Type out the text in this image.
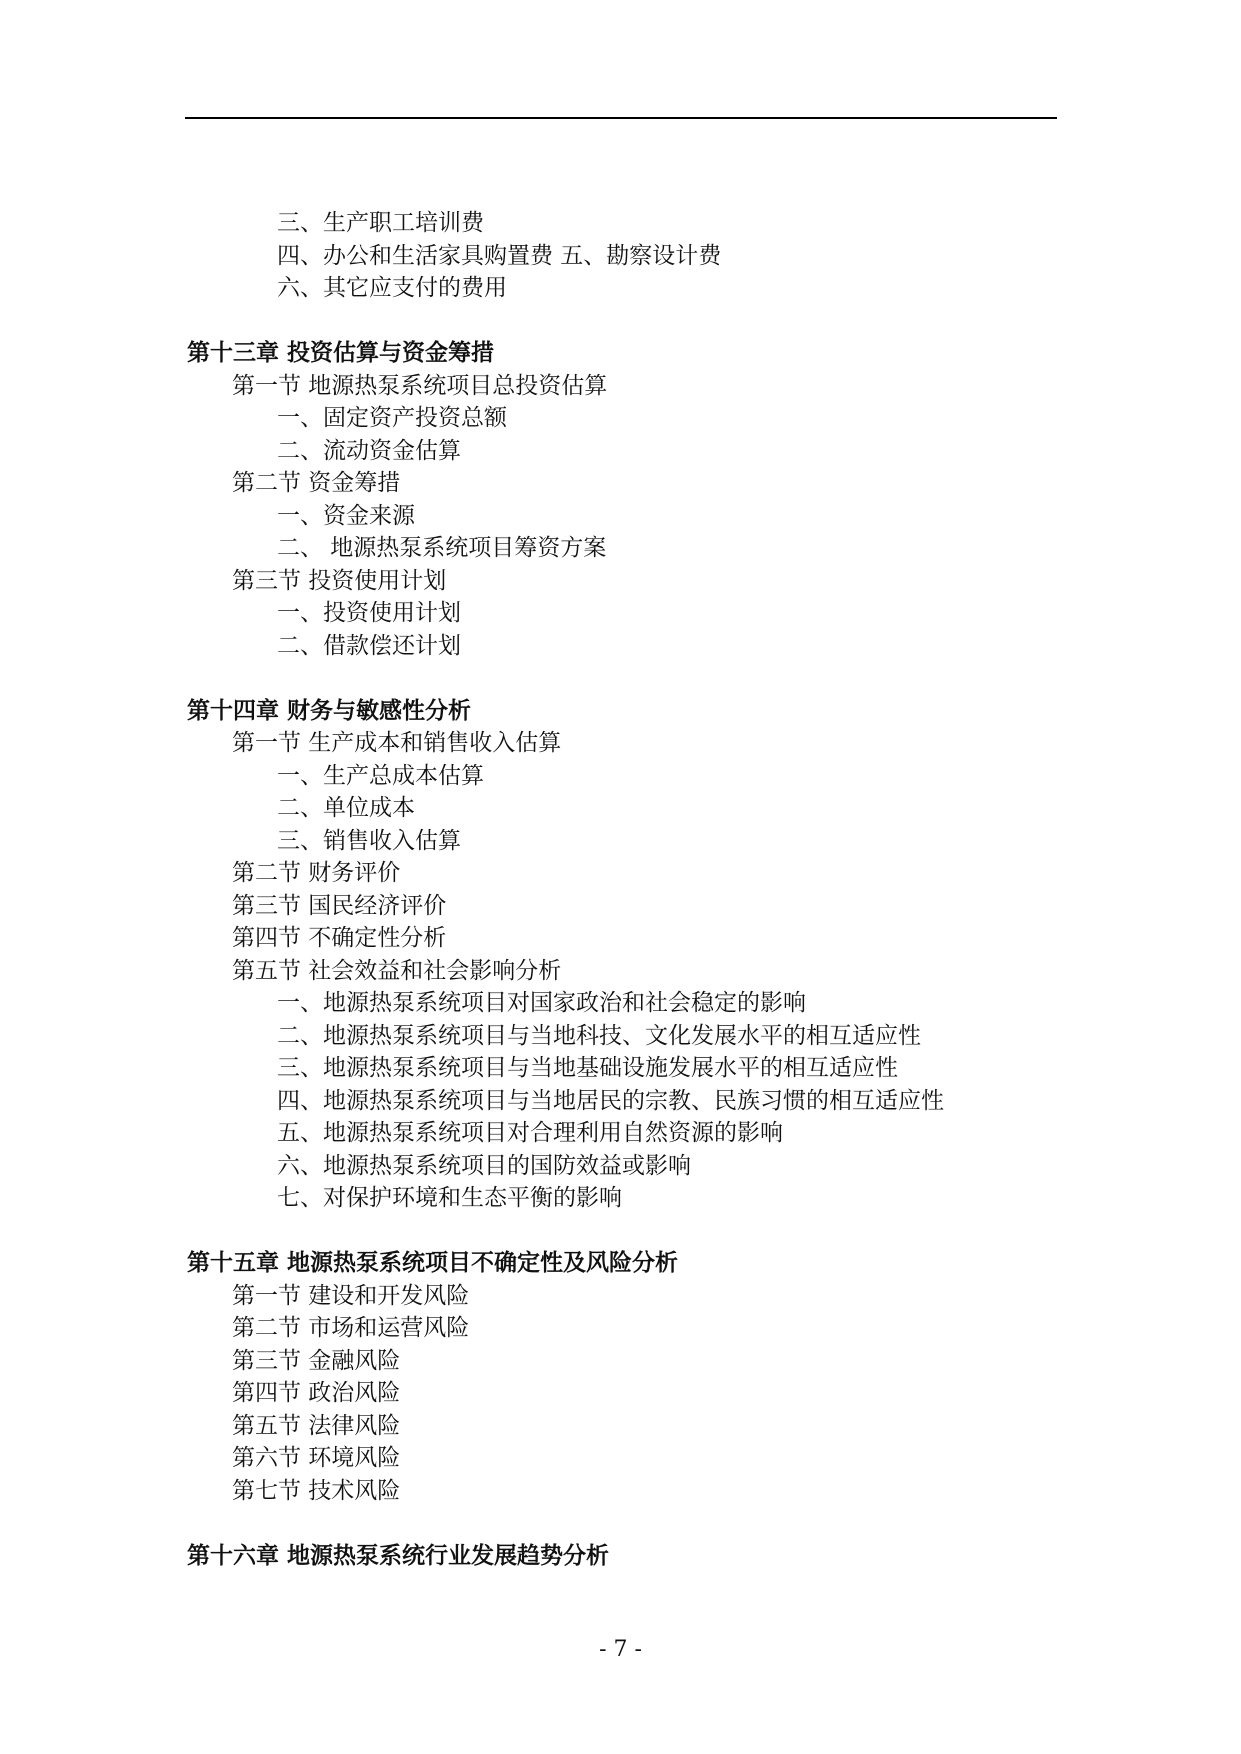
三、生产职工培训费
四、办公和生活家具购置费 五、勘察设计费
六、其它应支付的费用
第十三章 投资估算与资金筹措
第一节 地源热泵系统项目总投资估算
一、固定资产投资总额
二、流动资金估算
第二节 资金筹措
一、资金来源
二、 地源热泵系统项目筹资方案
第三节 投资使用计划
一、投资使用计划
二、借款偿还计划
第十四章 财务与敏感性分析
第一节 生产成本和销售收入估算
一、生产总成本估算
二、单位成本
三、销售收入估算
第二节 财务评价
第三节 国民经济评价
第四节 不确定性分析
第五节 社会效益和社会影响分析
一、地源热泵系统项目对国家政治和社会稳定的影响
二、地源热泵系统项目与当地科技、文化发展水平的相互适应性
三、地源热泵系统项目与当地基础设施发展水平的相互适应性
四、地源热泵系统项目与当地居民的宗教、民族习惯的相互适应性
五、地源热泵系统项目对合理利用自然资源的影响
六、地源热泵系统项目的国防效益或影响
七、对保护环境和生态平衡的影响
第十五章 地源热泵系统项目不确定性及风险分析
第一节 建设和开发风险
第二节 市场和运营风险
第三节 金融风险
第四节 政治风险
第五节 法律风险
第六节 环境风险
第七节 技术风险
第十六章 地源热泵系统行业发展趋势分析
- 7 -
